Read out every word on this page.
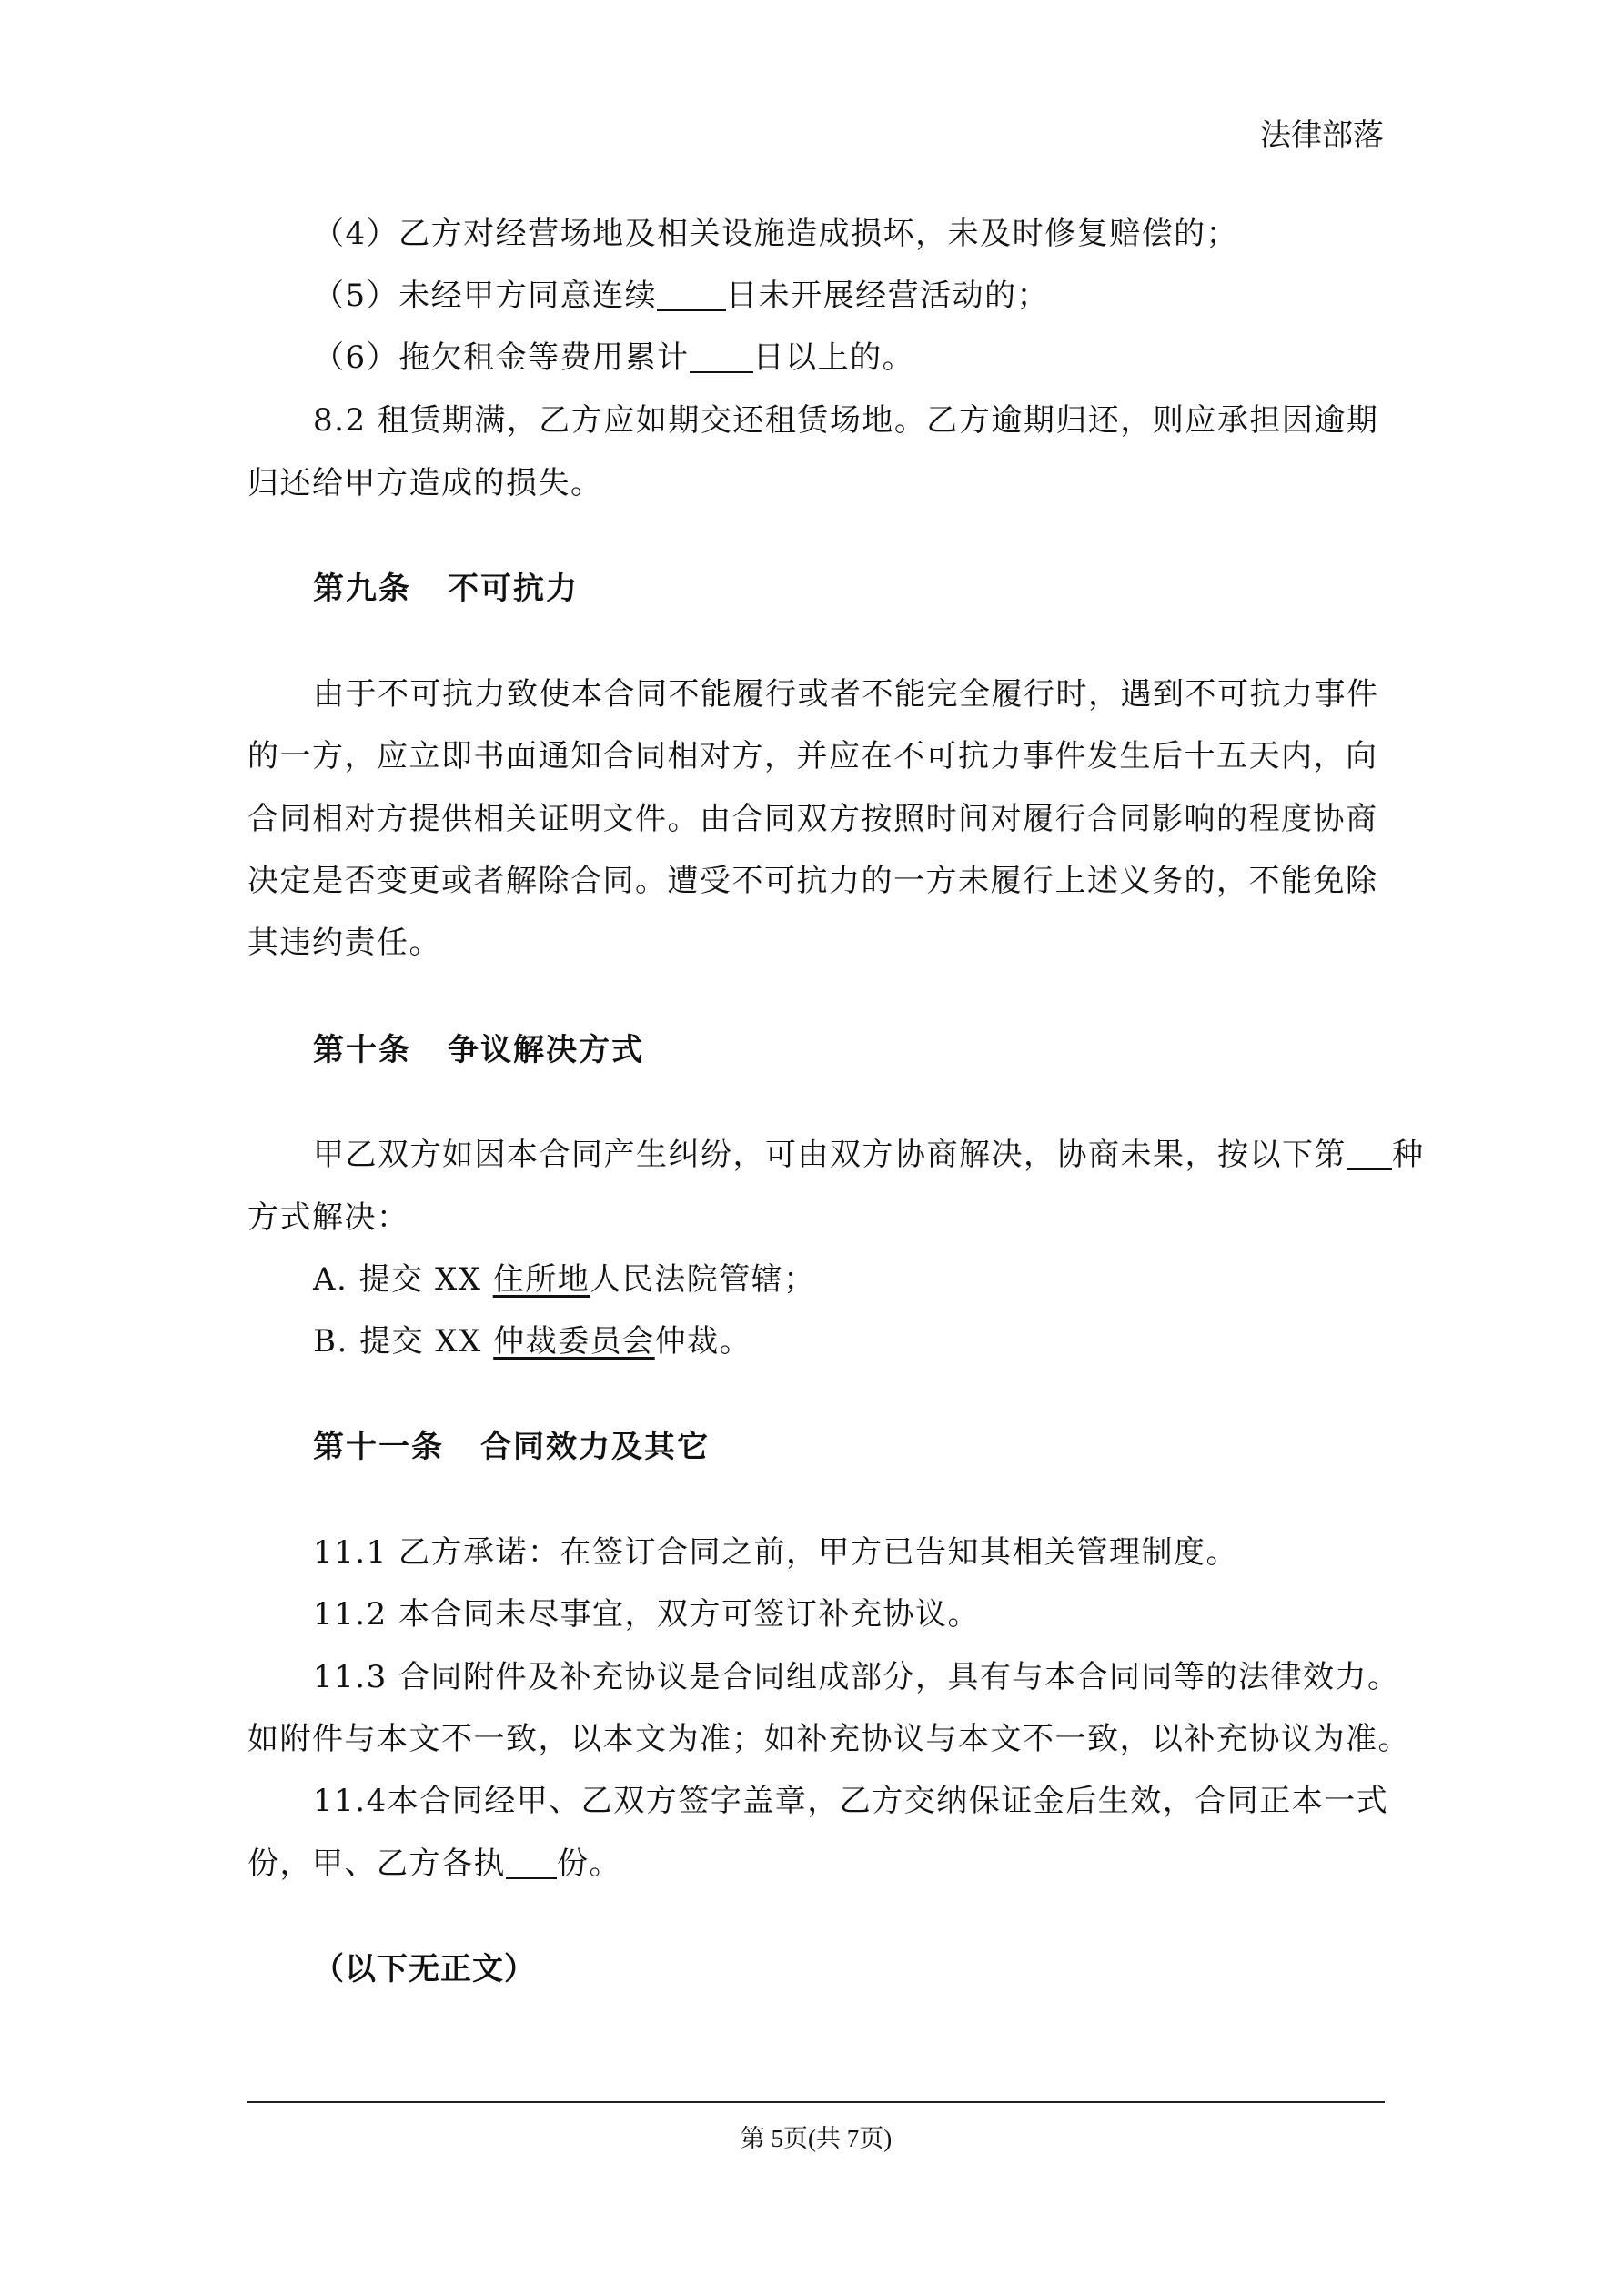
法律部落
（4）乙方对经营场地及相关设施造成损坏，未及时修复赔偿的；
（5）未经甲方同意连续 日未开展经营活动的；
（6）拖欠租金等费用累计 日以上的。
8.2 租赁期满，乙方应如期交还租赁场地。乙方逾期归还，则应承担因逾期
归还给甲方造成的损失。
第九条 不可抗力
由于不可抗力致使本合同不能履行或者不能完全履行时，遇到不可抗力事件
的一方，应立即书面通知合同相对方，并应在不可抗力事件发生后十五天内，向
合同相对方提供相关证明文件。由合同双方按照时间对履行合同影响的程度协商
决定是否变更或者解除合同。遭受不可抗力的一方未履行上述义务的，不能免除
其违约责任。
第十条 争议解决方式
甲乙双方如因本合同产生纠纷，可由双方协商解决，协商未果，按以下第 种
方式解决：
A. 提交 XX 住所地人民法院管辖；
B. 提交 XX 仲裁委员会仲裁。
第十一条 合同效力及其它
11.1 乙方承诺：在签订合同之前，甲方已告知其相关管理制度。
11.2 本合同未尽事宜，双方可签订补充协议。
11.3 合同附件及补充协议是合同组成部分，具有与本合同同等的法律效力。
如附件与本文不一致，以本文为准；如补充协议与本文不一致，以补充协议为准。
11.4本合同经甲、乙双方签字盖章，乙方交纳保证金后生效，合同正本一式
份，甲、乙方各执 份。
（以下无正文）
第 5页(共 7页)
